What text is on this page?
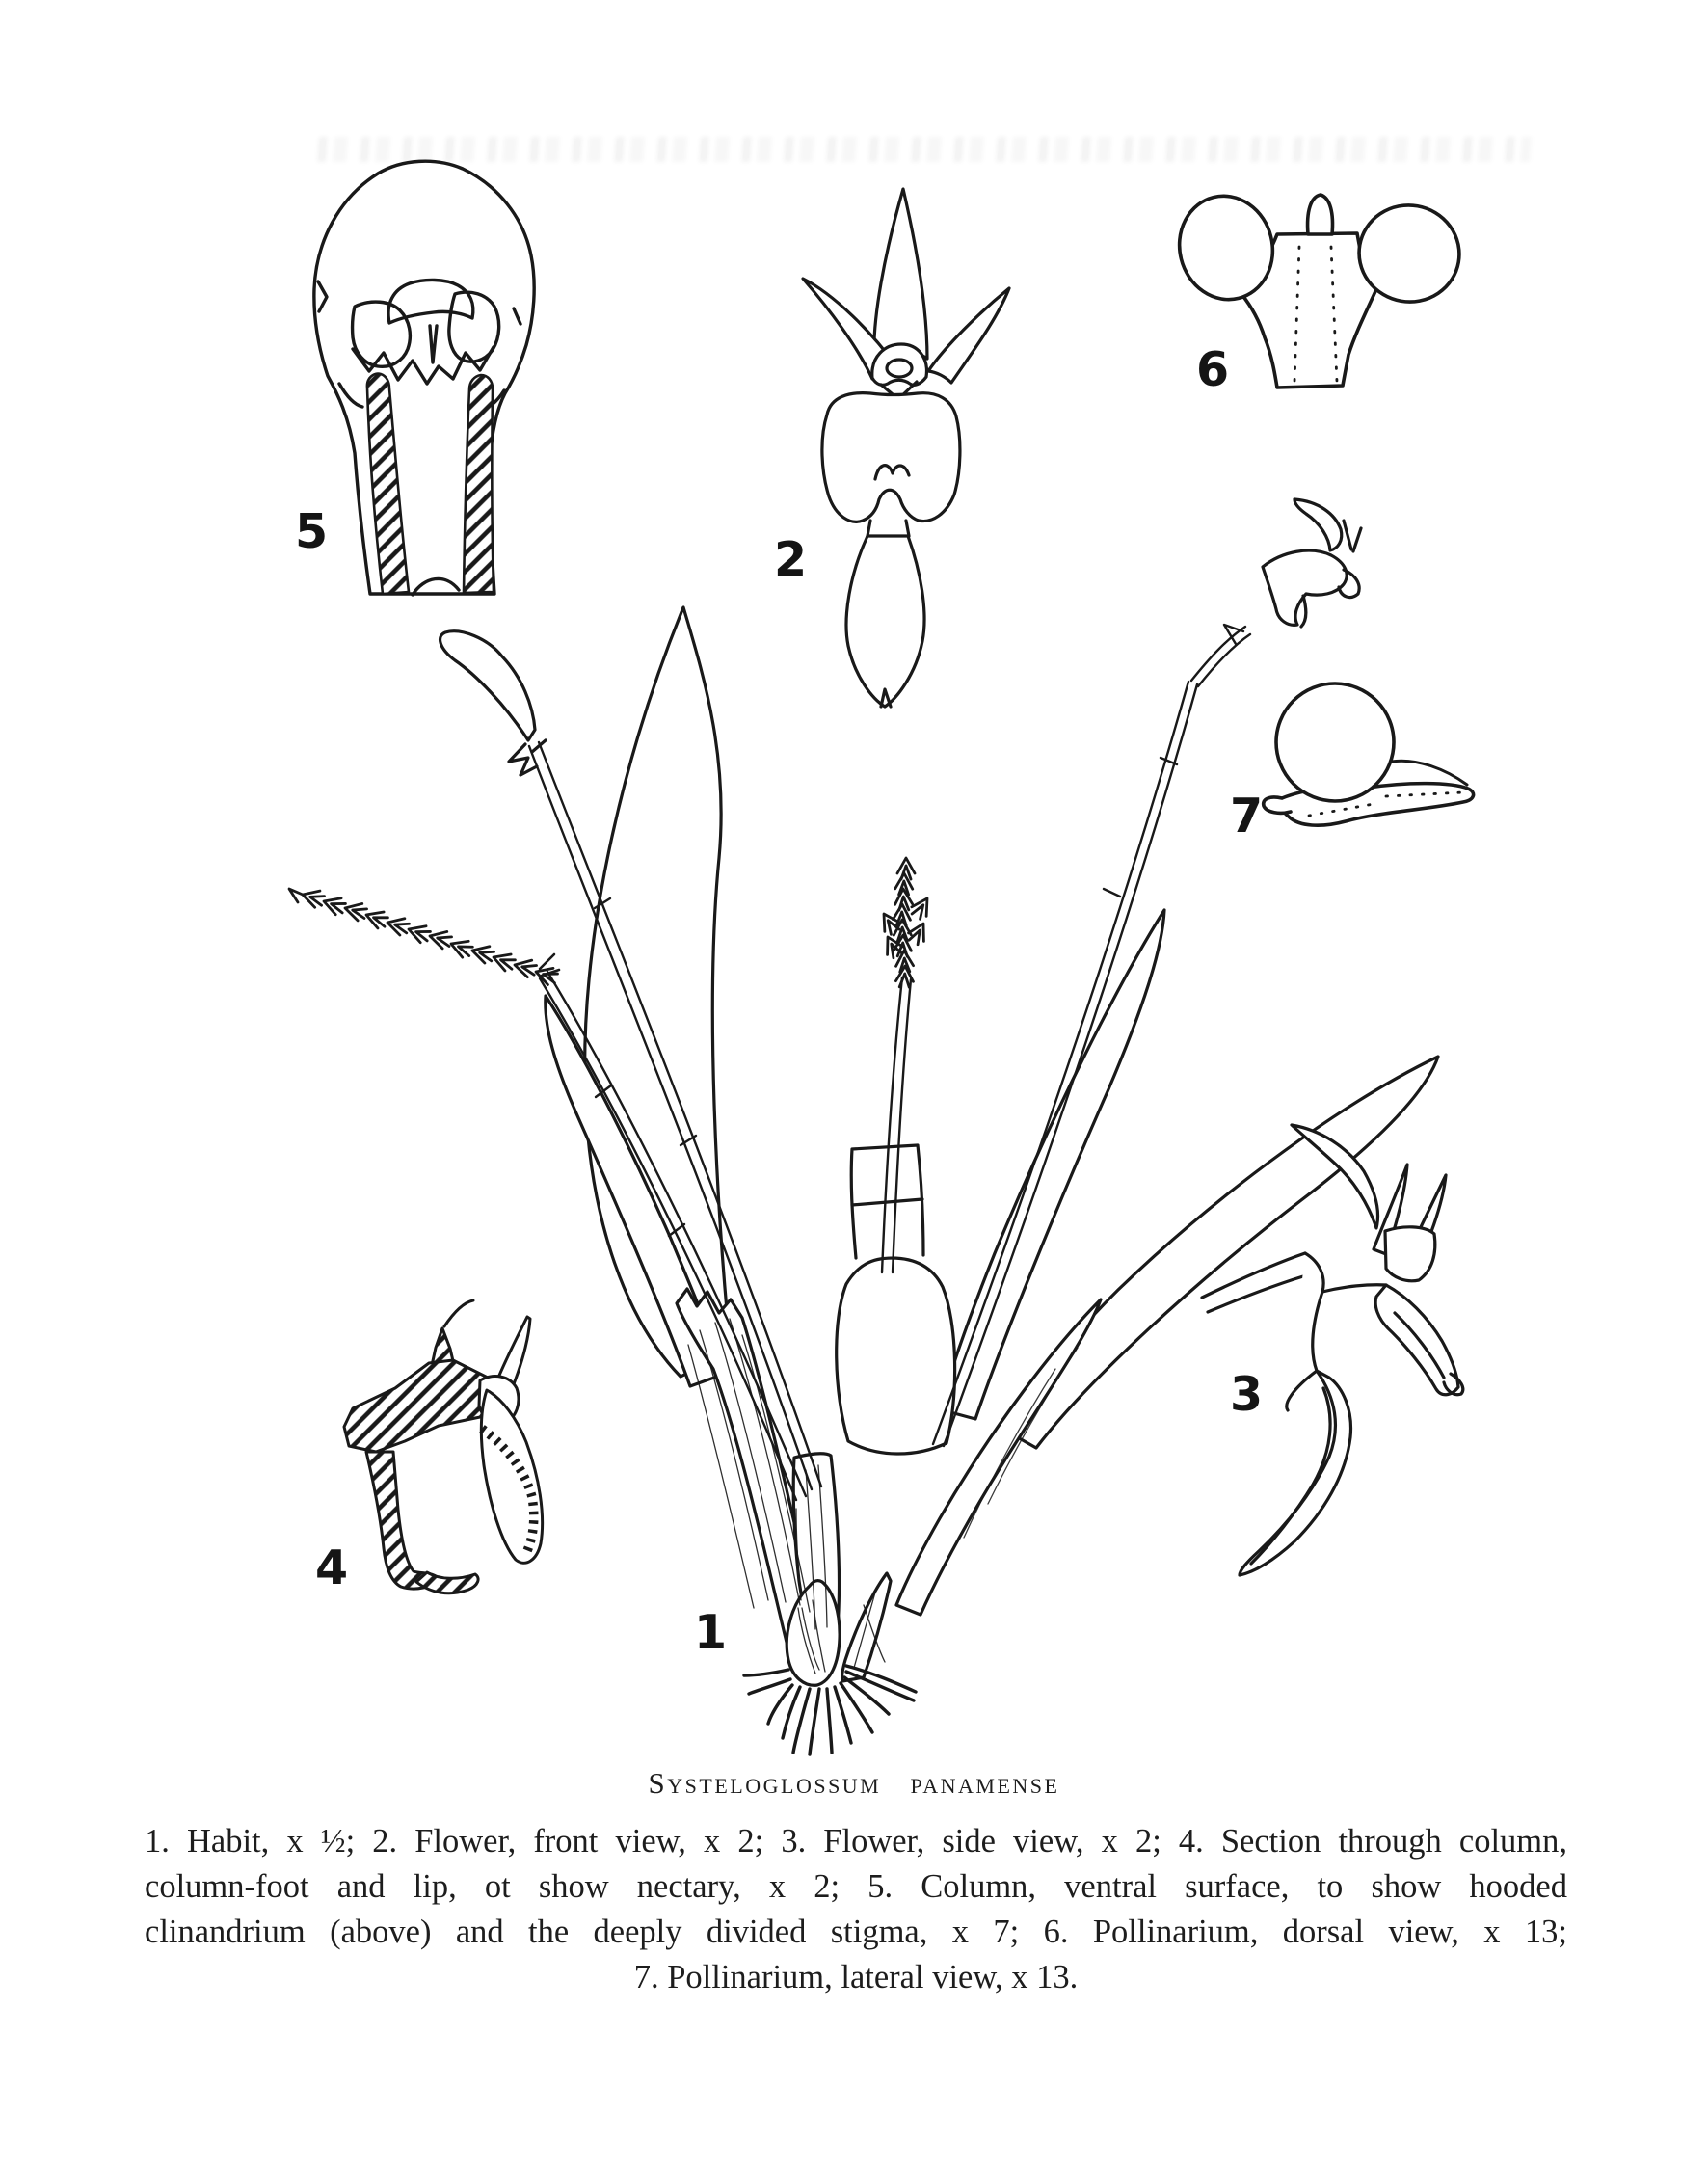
1
5
2
6
7
3
4
Systeloglossum panamense
1. Habit, x ½; 2. Flower, front view, x 2; 3. Flower, side view, x 2; 4. Section through column,
column-foot and lip, ot show nectary, x 2; 5. Column, ventral surface, to show hooded
clinandrium (above) and the deeply divided stigma, x 7; 6. Pollinarium, dorsal view, x 13;
7. Pollinarium, lateral view, x 13.
